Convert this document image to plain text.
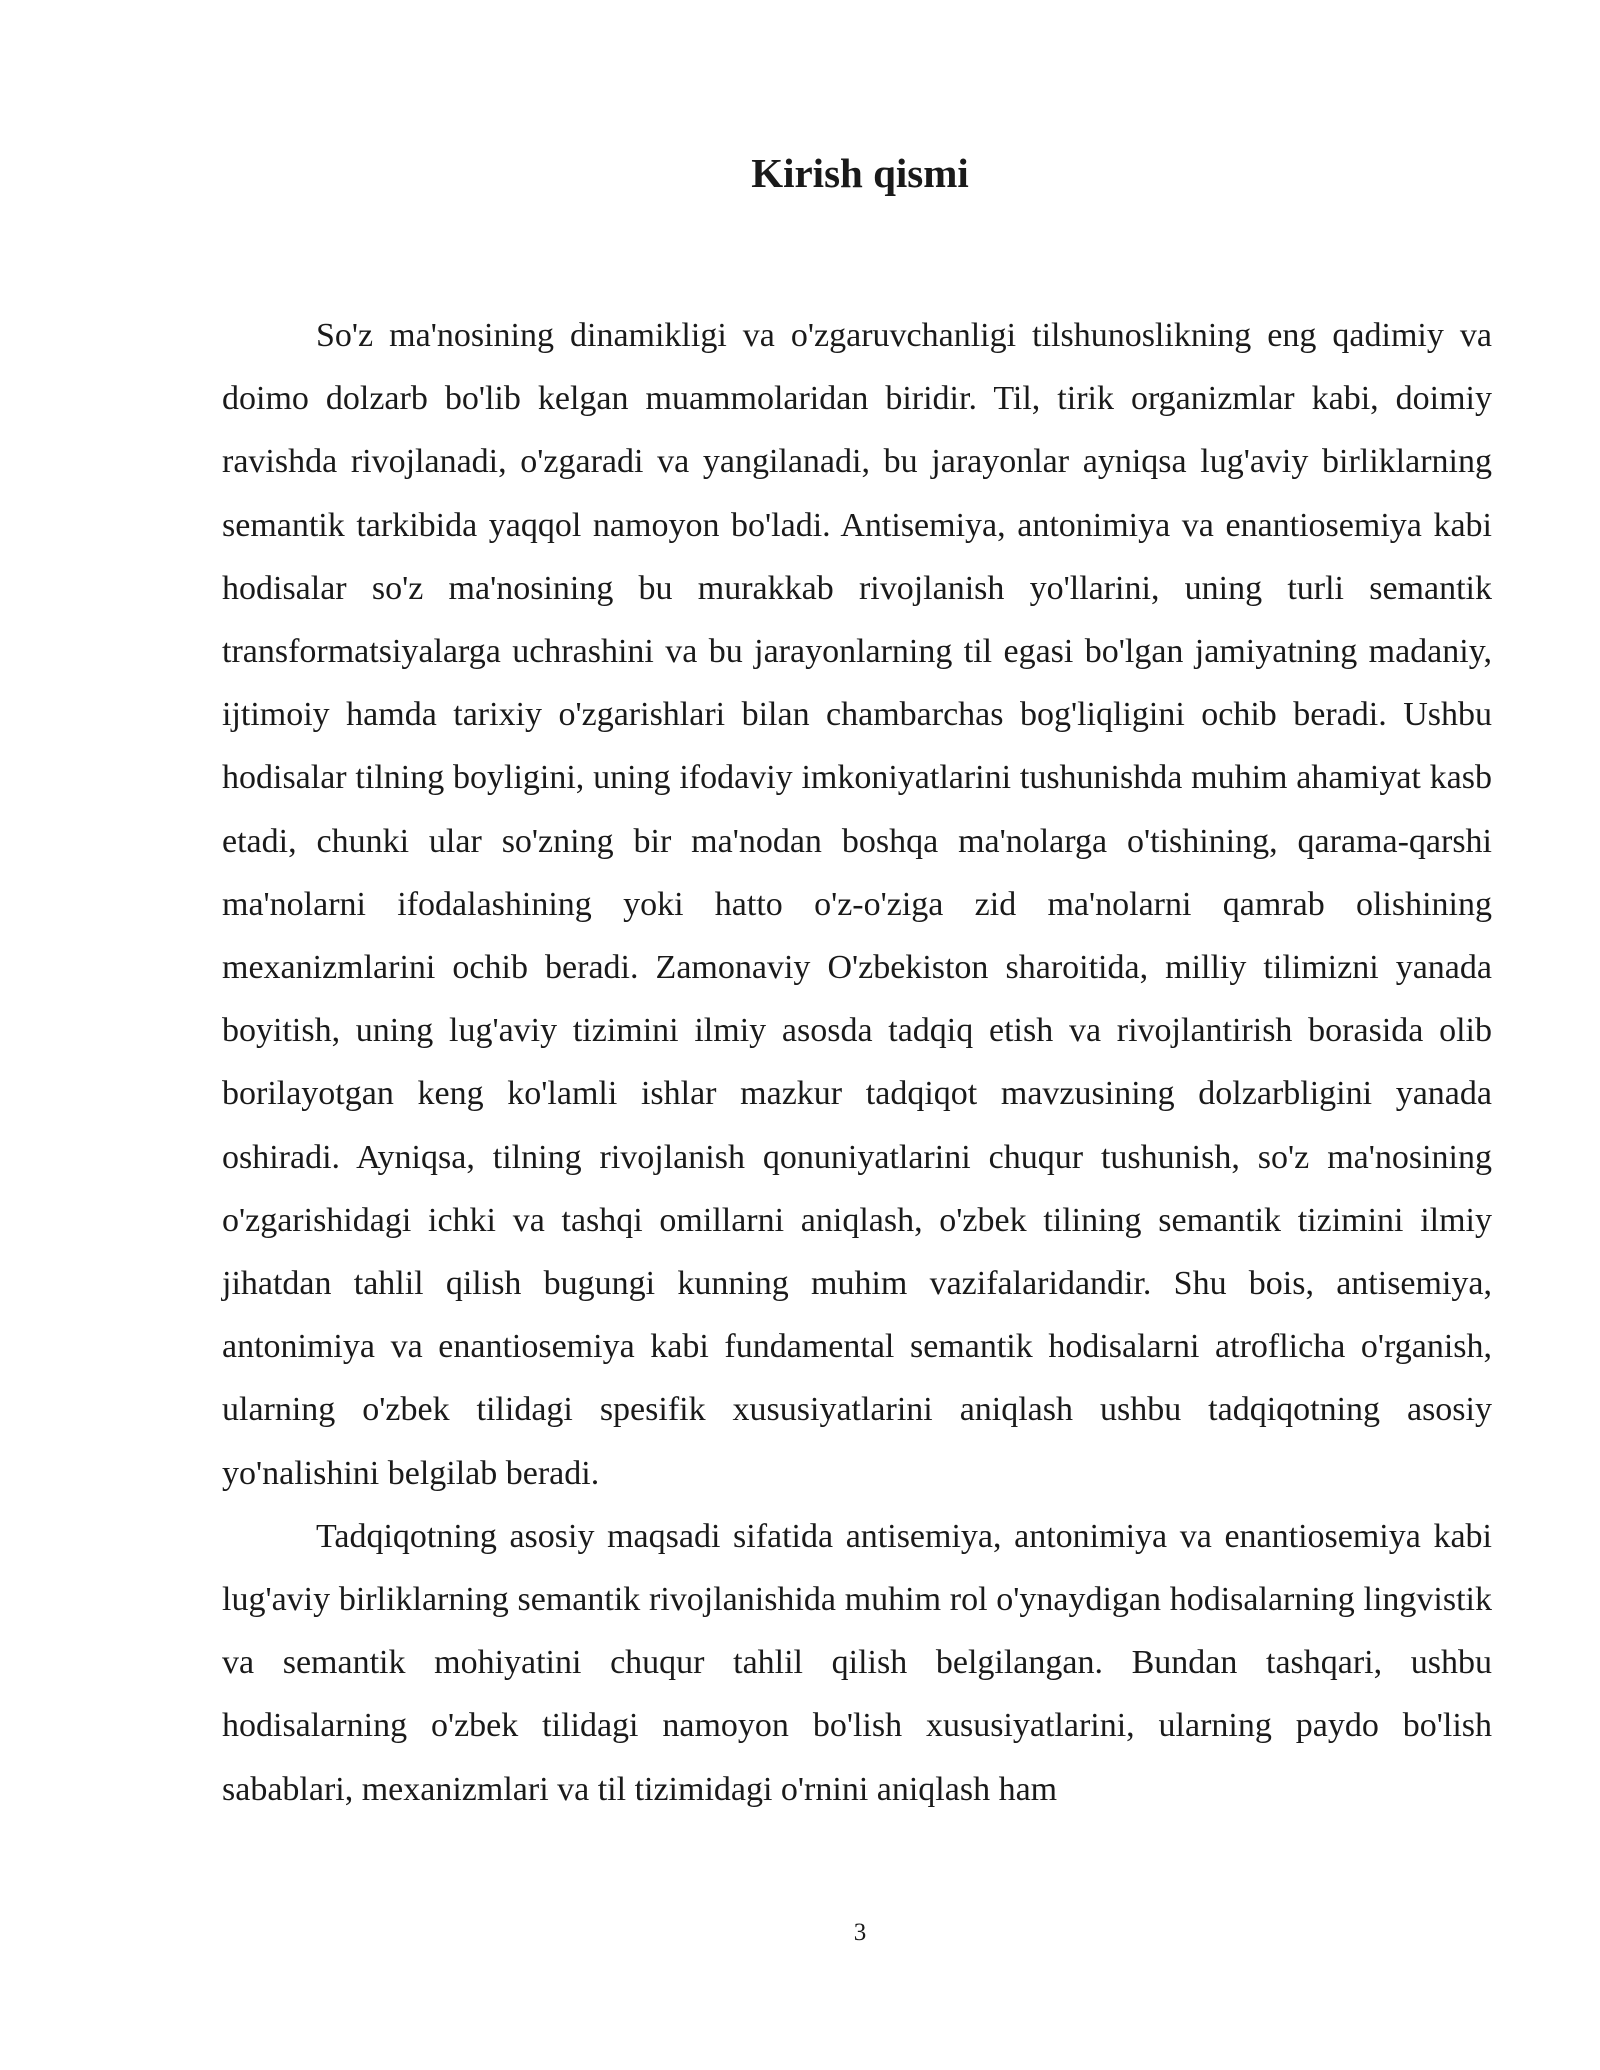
Kirish qismi

So'z ma'nosining dinamikligi va o'zgaruvchanligi tilshunoslikning eng qadimiy va doimo dolzarb bo'lib kelgan muammolaridan biridir. Til, tirik organizmlar kabi, doimiy ravishda rivojlanadi, o'zgaradi va yangilanadi, bu jarayonlar ayniqsa lug'aviy birliklarning semantik tarkibida yaqqol namoyon bo'ladi. Antisemiya, antonimiya va enantiosemiya kabi hodisalar so'z ma'nosining bu murakkab rivojlanish yo'llarini, uning turli semantik transformatsiyalarga uchrashini va bu jarayonlarning til egasi bo'lgan jamiyatning madaniy, ijtimoiy hamda tarixiy o'zgarishlari bilan chambarchas bog'liqligini ochib beradi. Ushbu hodisalar tilning boyligini, uning ifodaviy imkoniyatlarini tushunishda muhim ahamiyat kasb etadi, chunki ular so'zning bir ma'nodan boshqa ma'nolarga o'tishining, qarama-qarshi ma'nolarni ifodalashining yoki hatto o'z-o'ziga zid ma'nolarni qamrab olishining mexanizmlarini ochib beradi. Zamonaviy O'zbekiston sharoitida, milliy tilimizni yanada boyitish, uning lug'aviy tizimini ilmiy asosda tadqiq etish va rivojlantirish borasida olib borilayotgan keng ko'lamli ishlar mazkur tadqiqot mavzusining dolzarbligini yanada oshiradi. Ayniqsa, tilning rivojlanish qonuniyatlarini chuqur tushunish, so'z ma'nosining o'zgarishidagi ichki va tashqi omillarni aniqlash, o'zbek tilining semantik tizimini ilmiy jihatdan tahlil qilish bugungi kunning muhim vazifalaridandir. Shu bois, antisemiya, antonimiya va enantiosemiya kabi fundamental semantik hodisalarni atroflicha o'rganish, ularning o'zbek tilidagi spesifik xususiyatlarini aniqlash ushbu tadqiqotning asosiy yo'nalishini belgilab beradi.

Tadqiqotning asosiy maqsadi sifatida antisemiya, antonimiya va enantiosemiya kabi lug'aviy birliklarning semantik rivojlanishida muhim rol o'ynaydigan hodisalarning lingvistik va semantik mohiyatini chuqur tahlil qilish belgilangan. Bundan tashqari, ushbu hodisalarning o'zbek tilidagi namoyon bo'lish xususiyatlarini, ularning paydo bo'lish sabablari, mexanizmlari va til tizimidagi o'rnini aniqlash ham

3
